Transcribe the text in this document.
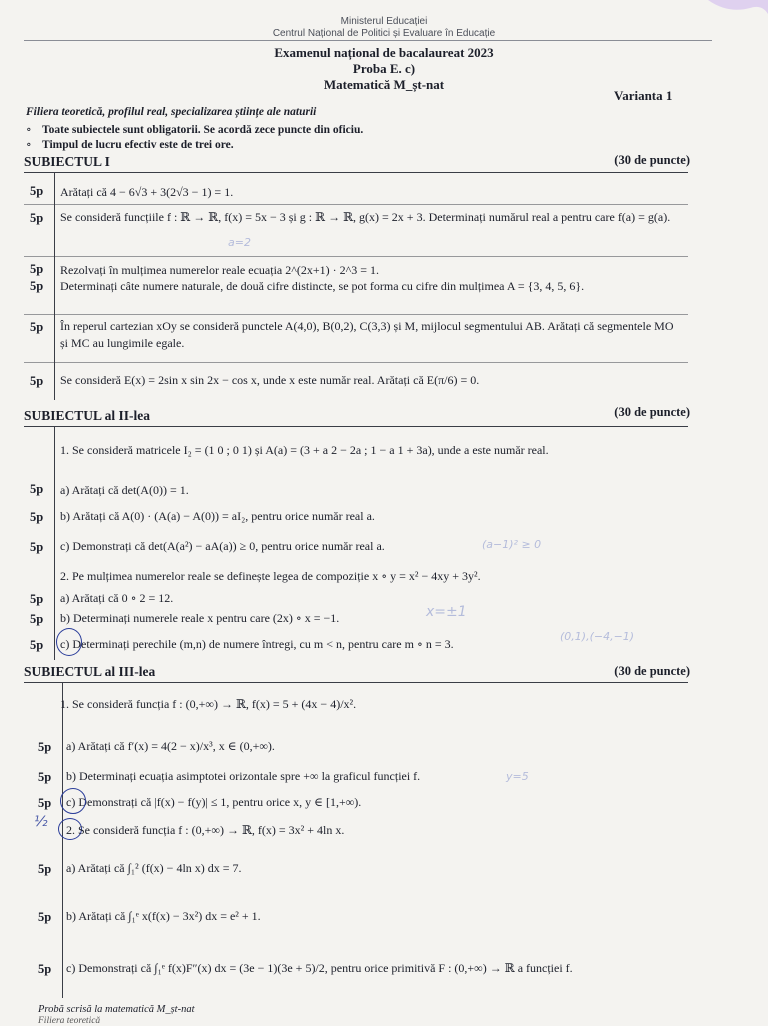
Ministerul Educației
Centrul Național de Politici și Evaluare în Educație
Examenul național de bacalaureat 2023
Proba E. c)
Matematică M_șt-nat
Varianta 1
Filiera teoretică, profilul real, specializarea științe ale naturii
∘ Toate subiectele sunt obligatorii. Se acordă zece puncte din oficiu.
∘ Timpul de lucru efectiv este de trei ore.
SUBIECTUL I	(30 de puncte)
5p Arătați că 4 − 6√3 + 3(2√3 − 1) = 1.
5p Se consideră funcțiile f : ℝ → ℝ, f(x) = 5x − 3 și g : ℝ → ℝ, g(x) = 2x + 3. Determinați numărul real a pentru care f(a) = g(a).
a=2
5p Rezolvați în mulțimea numerelor reale ecuația 2^(2x+1) · 2^3 = 1.
5p Determinați câte numere naturale, de două cifre distincte, se pot forma cu cifre din mulțimea A = {3, 4, 5, 6}.
5p În reperul cartezian xOy se consideră punctele A(4,0), B(0,2), C(3,3) și M, mijlocul segmentului AB. Arătați că segmentele MO și MC au lungimile egale.
5p Se consideră E(x) = 2sin x sin 2x − cos x, unde x este număr real. Arătați că E(π/6) = 0.
SUBIECTUL al II-lea	(30 de puncte)
1. Se consideră matricele I₂ = (1 0 ; 0 1) și A(a) = (3 + a 2 − 2a ; 1 − a 1 + 3a), unde a este număr real.
5p a) Arătați că det(A(0)) = 1.
5p b) Arătați că A(0) · (A(a) − A(0)) = aI₂, pentru orice număr real a.
5p c) Demonstrați că det(A(a²) − aA(a)) ≥ 0, pentru orice număr real a.	(a−1)² ≥ 0
2. Pe mulțimea numerelor reale se definește legea de compoziție x ∘ y = x² − 4xy + 3y².
5p a) Arătați că 0 ∘ 2 = 12.
5p b) Determinați numerele reale x pentru care (2x) ∘ x = −1.	x=±1
5p c) Determinați perechile (m,n) de numere întregi, cu m < n, pentru care m ∘ n = 3.
(0,1),(−4,−1)
SUBIECTUL al III-lea	(30 de puncte)
1. Se consideră funcția f : (0,+∞) → ℝ, f(x) = 5 + (4x − 4)/x².
5p a) Arătați că f′(x) = 4(2 − x)/x³, x ∈ (0,+∞).
5p b) Determinați ecuația asimptotei orizontale spre +∞ la graficul funcției f.	y=5
5p c) Demonstrați că |f(x) − f(y)| ≤ 1, pentru orice x, y ∈ [1,+∞).
½ 2. Se consideră funcția f : (0,+∞) → ℝ, f(x) = 3x² + 4ln x.
5p a) Arătați că ∫₁² (f(x) − 4ln x) dx = 7.
5p b) Arătați că ∫₁ᵉ x(f(x) − 3x²) dx = e² + 1.
5p c) Demonstrați că ∫₁ᵉ f(x)F″(x) dx = (3e − 1)(3e + 5)/2, pentru orice primitivă F : (0,+∞) → ℝ a funcției f.
Probă scrisă la matematică M_șt-nat
Filiera teoretică
